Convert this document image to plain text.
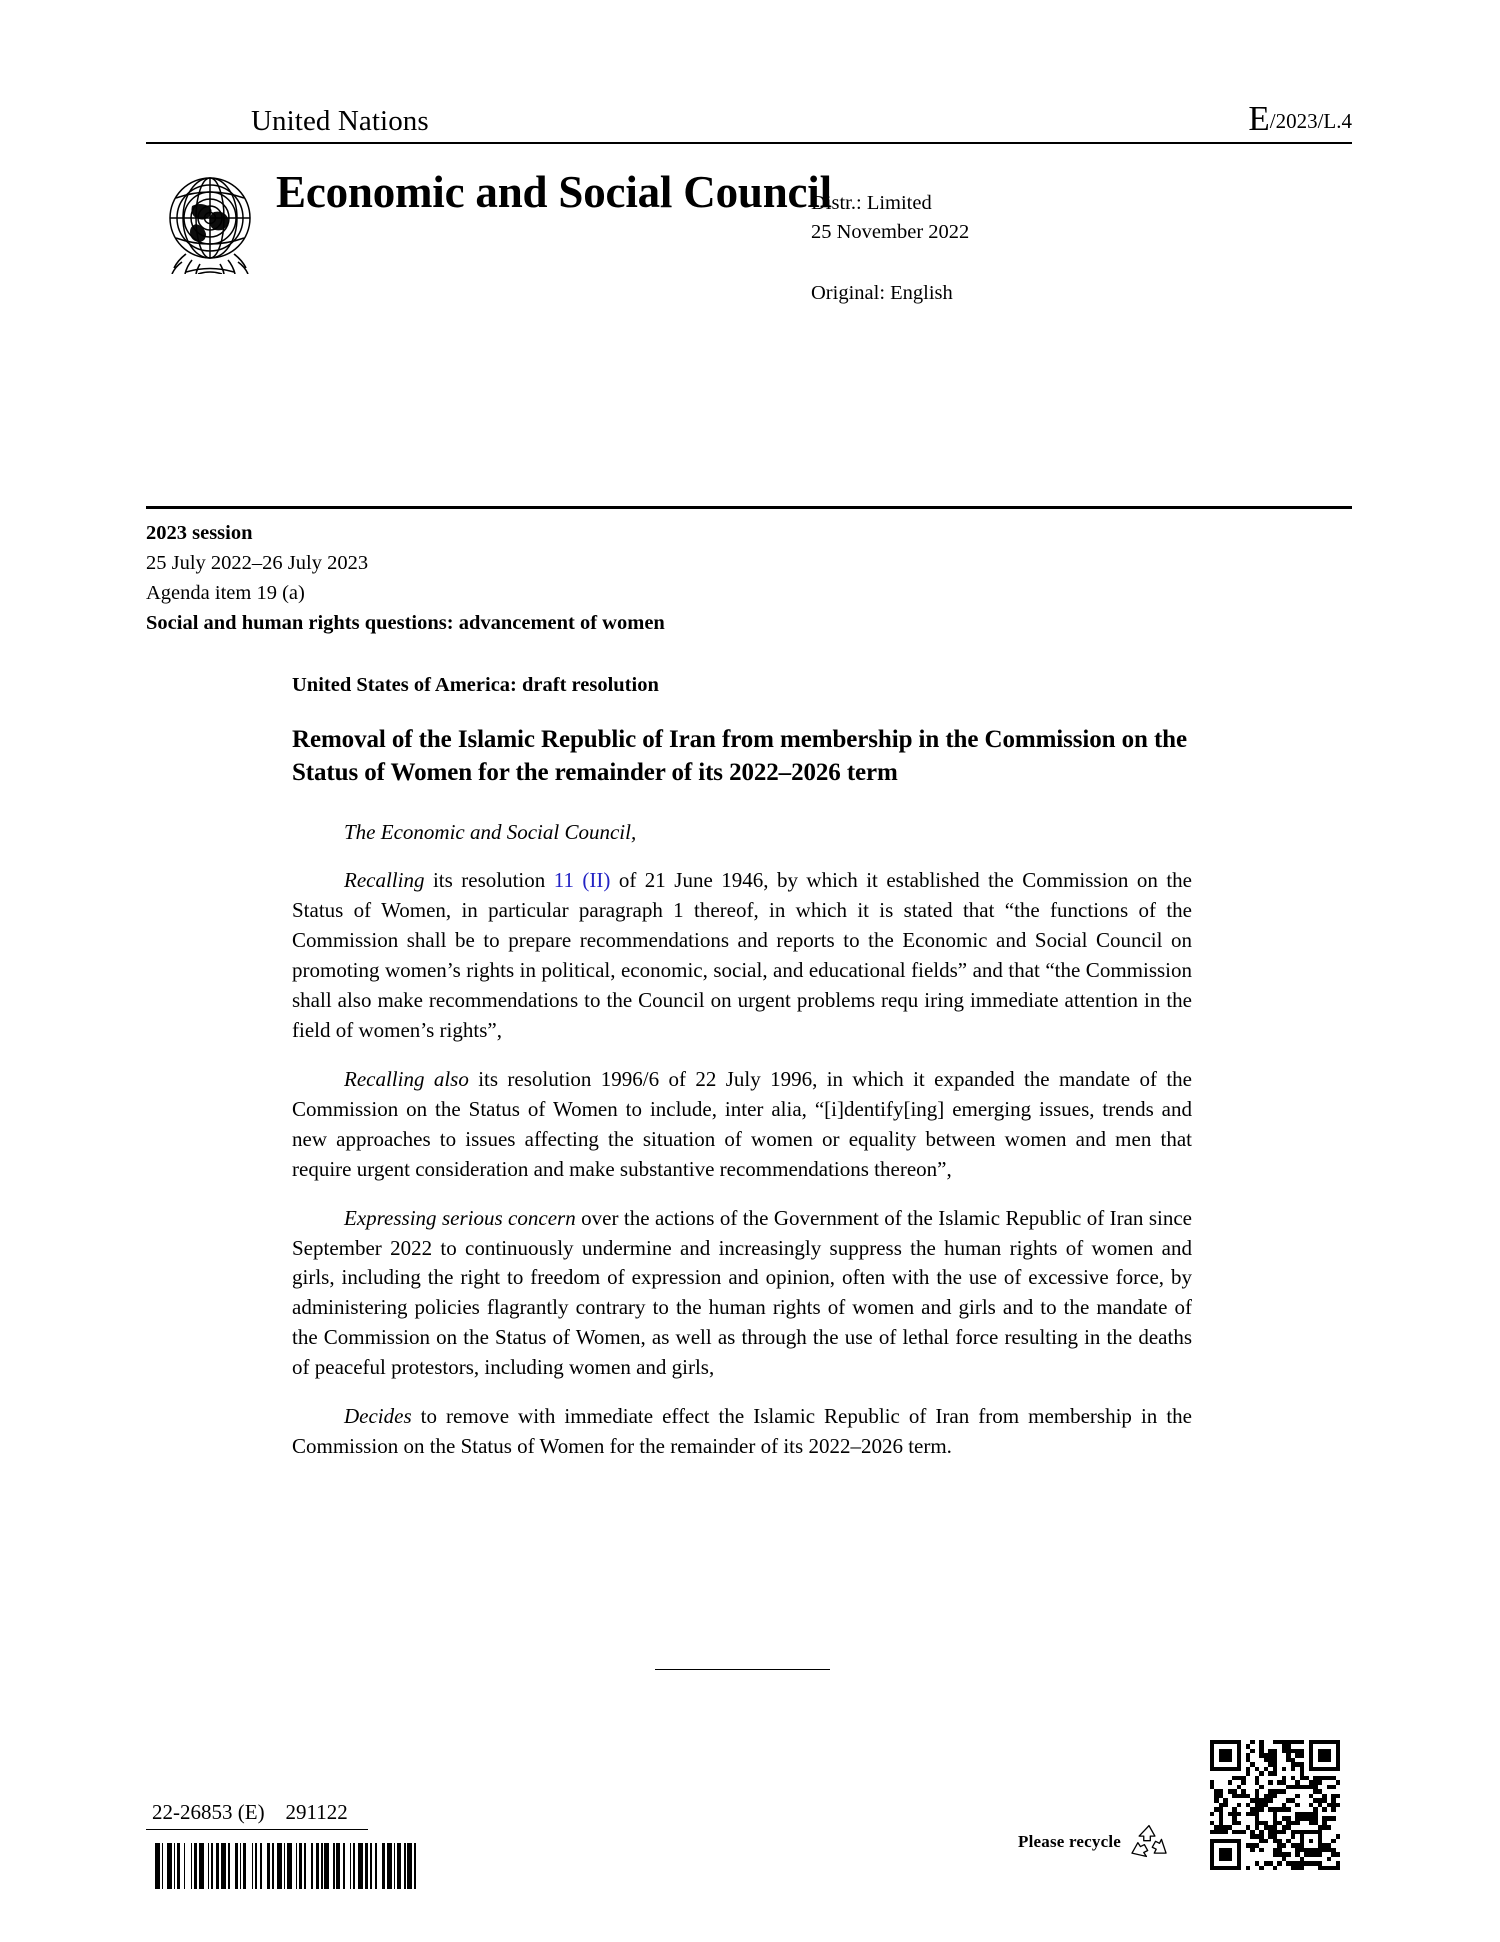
United Nations	E/2023/L.4
Economic and Social Council
Distr.: Limited
25 November 2022
Original: English
2023 session
25 July 2022–26 July 2023
Agenda item 19 (a)
Social and human rights questions: advancement of women
United States of America: draft resolution
Removal of the Islamic Republic of Iran from membership in the Commission on the Status of Women for the remainder of its 2022–2026 term

The Economic and Social Council,

Recalling its resolution 11 (II) of 21 June 1946, by which it established the Commission on the Status of Women, in particular paragraph 1 thereof, in which it is stated that “the functions of the Commission shall be to prepare recommendations and reports to the Economic and Social Council on promoting women’s rights in political, economic, social, and educational fields” and that “the Commission shall also make recommendations to the Council on urgent problems requ iring immediate attention in the field of women’s rights”,

Recalling also its resolution 1996/6 of 22 July 1996, in which it expanded the mandate of the Commission on the Status of Women to include, inter alia, “[i]dentify[ing] emerging issues, trends and new approaches to issues affecting the situation of women or equality between women and men that require urgent consideration and make substantive recommendations thereon”,

Expressing serious concern over the actions of the Government of the Islamic Republic of Iran since September 2022 to continuously undermine and increasingly suppress the human rights of women and girls, including the right to freedom of expression and opinion, often with the use of excessive force, by administering policies flagrantly contrary to the human rights of women and girls and to the mandate of the Commission on the Status of Women, as well as through the use of lethal force resulting in the deaths of peaceful protestors, including women and girls,

Decides to remove with immediate effect the Islamic Republic of Iran from membership in the Commission on the Status of Women for the remainder of its 2022–2026 term.

22-26853 (E)    291122
Please recycle
